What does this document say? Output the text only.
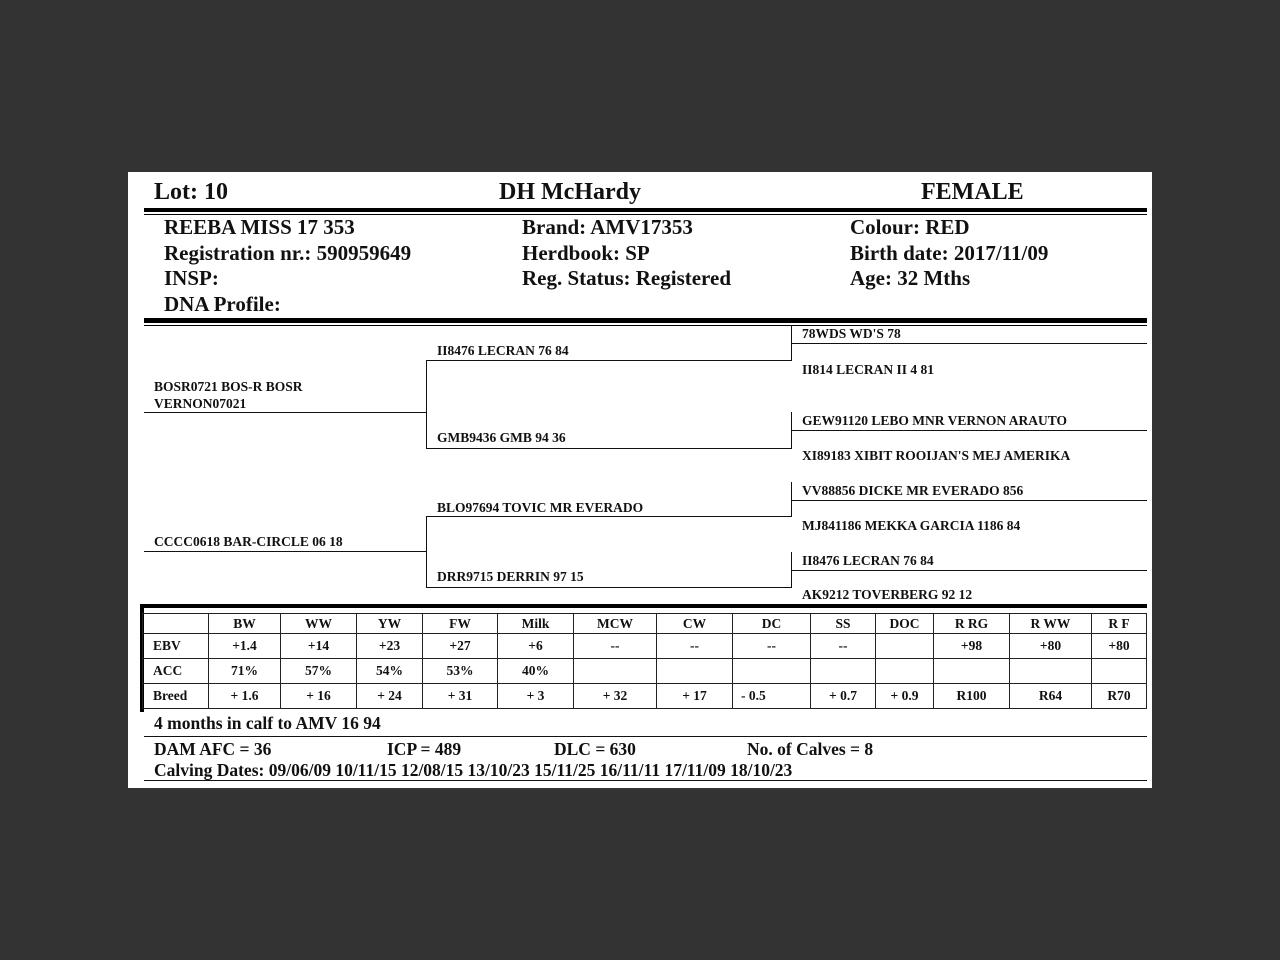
Lot: 10	DH McHardy	FEMALE
REEBA MISS 17 353
Registration nr.: 590959649
INSP:
DNA Profile:
Brand: AMV17353
Herdbook: SP
Reg. Status: Registered
Colour: RED
Birth date: 2017/11/09
Age: 32 Mths
BOSR0721 BOS-R BOSR
VERNON07021
CCCC0618 BAR-CIRCLE 06 18
II8476 LECRAN 76 84
GMB9436 GMB 94 36
BLO97694 TOVIC MR EVERADO
DRR9715 DERRIN 97 15
78WDS WD'S 78
II814 LECRAN II 4 81
GEW91120 LEBO MNR VERNON ARAUTO
XI89183 XIBIT ROOIJAN'S MEJ AMERIKA
VV88856 DICKE MR EVERADO 856
MJ841186 MEKKA GARCIA 1186 84
II8476 LECRAN 76 84
AK9212 TOVERBERG 92 12
	BW	WW	YW	FW	Milk	MCW	CW	DC	SS	DOC	R RG	R WW	R F
EBV	+1.4	+14	+23	+27	+6	--	--	--	--		+98	+80	+80
ACC	71%	57%	54%	53%	40%								
Breed	+ 1.6	+ 16	+ 24	+ 31	+ 3	+ 32	+ 17	- 0.5	+ 0.7	+ 0.9	R100	R64	R70
4 months in calf to AMV 16 94
DAM AFC = 36	ICP = 489	DLC = 630	No. of Calves = 8
Calving Dates: 09/06/09 10/11/15 12/08/15 13/10/23 15/11/25 16/11/11 17/11/09 18/10/23
